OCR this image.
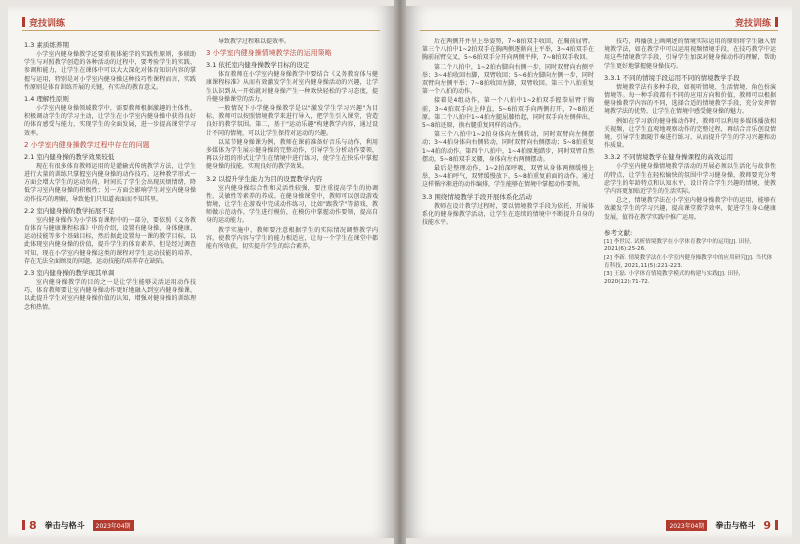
竞技训练
1.3 素质练养期
小学室内健身操教学还要重视体能学的实践性原则，多联助学生与对照教学创造的各种活动的过程中，要考验学生的实践、参调和能力，让学生在课体中可以大大深化对体育知识内容的掌握与运用，特别是对小学室内健身操这种技巧性课程而言，实践性原则是体育训练开展的关键，有实出的教育意义。
1.4 理解性原则
小学室内健身操领域教学中，需要教师根据激趣的主体性，积极调动学生的学习主动，让学生在小学室内健身操中获得良好的体育感受与能力，实现学生的全面发展，进一步提高课堂学习效率。
2 小学室内健身操教学过程中存在的问题
2.1 室内健身操的教学效果较低
现在有很多体育教师运用的是灌输式传统教学方法，让学生进行大量的训练只掌握室内健身操的动作技巧。这种教学形式一方面会增大学生的运动负荷，时间长了学生会出现厌烦情绪，降低学习室内健身操的积极性；另一方面会影响学生对室内健身操动作技巧的理解，导致他们只知道表面而不知其里。
2.2 室内健身操的教学拓展不足
室内健身操作为小学体育课程中的一部分，要依照《义务教育体育与健康课程标准》中的介绍，设置有健身操、身体健康、运动技能等多个基础目标，然后据此设置每一课的教学目标，以此体现室内健身操的价值，提升学生的体育素养，但是经过调查可知，现在小学室内健身操这类的课程对学生运动技能的培养，存在无法全面顾及的问题，运动技能的培养存在缺陷。
2.3 室内健身操的教学现其单调
室内健身操教学的目的之一是让学生能够灵活运用动作技巧，体育教师要让室内健身操动作更好地融入到室内健身操课，以此提升学生对室内健身操价值的认知，增强对健身操的训练理念和热情。
导致教学过程难以提效率。
3 小学室内健身操情境教学法的运用策略
3.1 依托室内健身操教学目标的设定
体育教师在小学室内健身操教学中要结合《义务教育体与健康课程标准》从而有效激发学生对室内健身操活动的兴趣，让学生认识到从一开始就对健身操产生一种欢快轻松的学习态度，提升健身操课堂的活力。
一般情况下小学健身操教学是以"激发学生学习兴趣"为目标，教师可以按照情境教学来进行导入，把学生引入课堂，营造良好的教学氛围。第二，基于"运动乐趣"构建教学内容，通过设计不同的情境，可以让学生保持对运动的兴趣。
以某节健身操课为例，教师在课前准备好音乐与动作，利用多媒体为学生展示健身操的完整动作，引导学生分析动作要领，再以分组的形式让学生在情境中进行练习，使学生在快乐中掌握健身操的技能，实现良好的教学效果。
3.2 以提升学生能力为目的设置教学内容
室内健身操综合性和灵活性较强，要注重提高学生的协调性、灵敏性等素养的养成。在健身操课堂中，教师可以创设游戏情境，让学生在游戏中完成动作练习，比如"跟我学"等游戏，教师做示范动作，学生进行模仿，在模仿中掌握动作要领，提高自身的运动能力。
教学实施中，教师要注意根据学生的实际情况调整教学内容，使教学内容与学生的能力相适应，让每一个学生在课堂中都能有所收获，切实提升学生的综合素养。
8 拳击与格斗	2023年04期
竞技训练
后在两侧开并呈上举姿势，7~8拍双手收回，在胸前屈臂。第三个八拍中1~2拍双手在胸两侧逐渐向上平举，3~4拍双手在胸前屈臂交叉，5~6拍双手分开向两侧平伸，7~8拍双手收回。
第二个八拍中，1~2拍右脚向右侧一步，同时双臂向右侧平举；3~4拍收回右脚，双臂收回；5~6拍左脚向左侧一步，同时双臂向左侧平举；7~8拍收回左脚，双臂收回。第三个八拍重复第一个八拍的动作。
接着是4组动作，第一个八拍中1~2拍双手握拳屈臂于胸前，3~4拍双手向上伸直，5~6拍双手向两侧打开，7~8拍还原。第二个八拍中1~4拍左腿屈膝抬起，同时双手向左侧伸出，5~8拍还原，换右腿重复同样的动作。
第三个八拍中1~2拍身体向左侧转动，同时双臂向左侧摆动；3~4拍身体向右侧转动，同时双臂向右侧摆动；5~8拍重复1~4拍的动作。第四个八拍中，1~4拍原地踏步，同时双臂自然摆动，5~8拍双手叉腰，身体向左右两侧摆动。
最后是整理动作，1~2拍深呼吸，双臂从身体两侧缓慢上举，3~4拍呼气，双臂缓慢放下，5~8拍重复前面的动作。通过这样循序渐进的动作编排，学生能够在情境中掌握动作要领。
3.3 围绕情境教学手段开展体系化活动
教师在设计教学过程时，要以情境教学手段为依托，开展体系化的健身操教学活动，让学生在连续的情境中不断提升自身的技能水平。
技巧，再播放上画阐述的情境实际运用的原则将学生融入情境教学法，如在教学中可以运用视频情境手段，在技巧教学中运用这些情境教学手段，引导学生加深对健身操动作的理解，帮助学生更好地掌握健身操技巧。
3.3.1 不同的情境手段运用不同的情境教学手段
情境教学法有多种手段，如视听情境、生活情境、角色扮演情境等。每一种手段都有不同的应用方向和价值，教师可以根据健身操教学内容的不同，选择合适的情境教学手段，充分发挥情境教学法的优势，让学生在情境中感受健身操的魅力。
例如在学习新的健身操动作时，教师可以利用多媒体播放相关视频，让学生直观地观察动作的完整过程，再结合音乐创设情境，引导学生跟随节奏进行练习，从而提升学生的学习兴趣和动作质量。
3.3.2 不同情境教学在健身操课程的高效运用
小学室内健身操情境教学活动的开展必须以生活化与故事性的特点，让学生在轻松愉快的氛围中学习健身操，教师要充分考虑学生的年龄特点和认知水平，设计符合学生兴趣的情境，使教学内容更加贴近学生的生活实际。
总之，情境教学法在小学室内健身操教学中的运用，能够有效激发学生的学习兴趣，提高课堂教学效率，促进学生身心健康发展，值得在教学实践中推广运用。
参考文献:
[1] 李世民. 试析情境教学在小学体育教学中的运用[J]. 田径, 2021(6):25-26.
[2] 李新. 情境教学法在小学室内健身操教学中的应用研究[J]. 当代体育科技, 2021,11(5):221-223.
[3] 王磊. 小学体育情境教学模式的构建与实践[J]. 田径, 2020(12):71-72.
2023年04期	拳击与格斗 9
